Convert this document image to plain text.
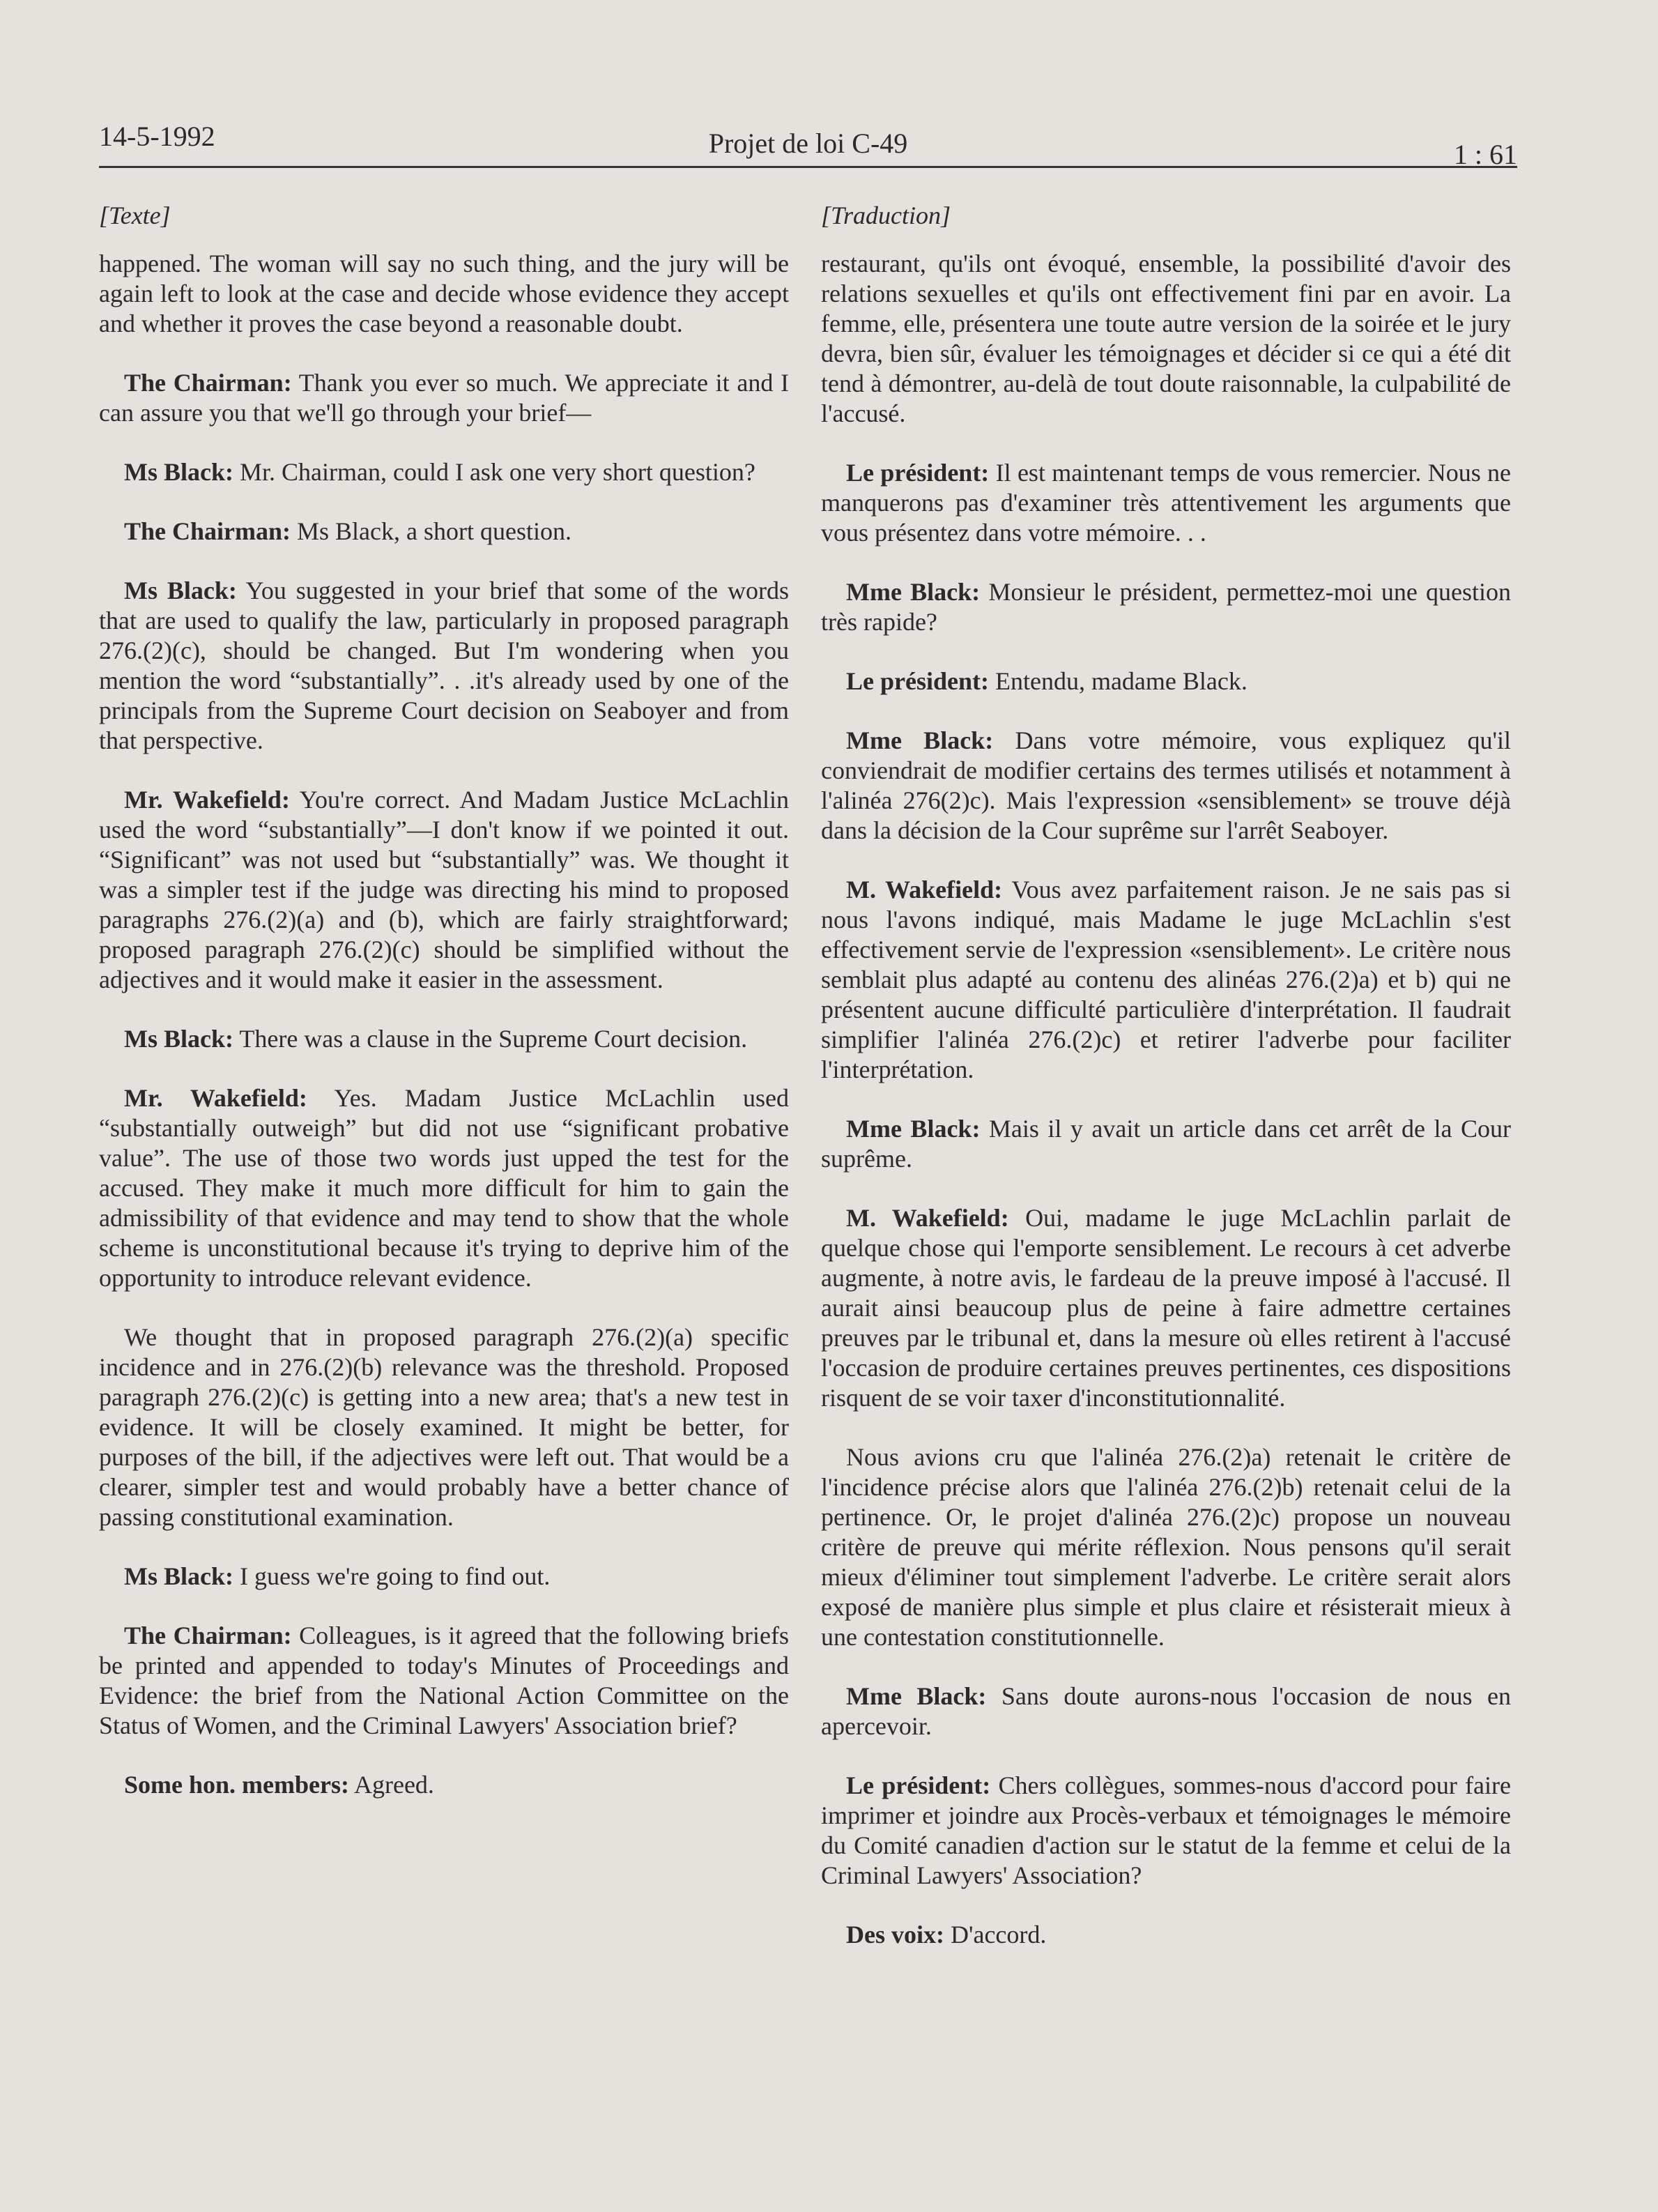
14-5-1992	Projet de loi C-49	1 : 61
[Texte]
happened. The woman will say no such thing, and the jury will be again left to look at the case and decide whose evidence they accept and whether it proves the case beyond a reasonable doubt.
The Chairman: Thank you ever so much. We appreciate it and I can assure you that we'll go through your brief—
Ms Black: Mr. Chairman, could I ask one very short question?
The Chairman: Ms Black, a short question.
Ms Black: You suggested in your brief that some of the words that are used to qualify the law, particularly in proposed paragraph 276.(2)(c), should be changed. But I'm wondering when you mention the word “substantially”. . .it's already used by one of the principals from the Supreme Court decision on Seaboyer and from that perspective.
Mr. Wakefield: You're correct. And Madam Justice McLachlin used the word “substantially”—I don't know if we pointed it out. “Significant” was not used but “substantially” was. We thought it was a simpler test if the judge was directing his mind to proposed paragraphs 276.(2)(a) and (b), which are fairly straightforward; proposed paragraph 276.(2)(c) should be simplified without the adjectives and it would make it easier in the assessment.
Ms Black: There was a clause in the Supreme Court decision.
Mr. Wakefield: Yes. Madam Justice McLachlin used “substantially outweigh” but did not use “significant probative value”. The use of those two words just upped the test for the accused. They make it much more difficult for him to gain the admissibility of that evidence and may tend to show that the whole scheme is unconstitutional because it's trying to deprive him of the opportunity to introduce relevant evidence.
We thought that in proposed paragraph 276.(2)(a) specific incidence and in 276.(2)(b) relevance was the threshold. Proposed paragraph 276.(2)(c) is getting into a new area; that's a new test in evidence. It will be closely examined. It might be better, for purposes of the bill, if the adjectives were left out. That would be a clearer, simpler test and would probably have a better chance of passing constitutional examination.
Ms Black: I guess we're going to find out.
The Chairman: Colleagues, is it agreed that the following briefs be printed and appended to today's Minutes of Proceedings and Evidence: the brief from the National Action Committee on the Status of Women, and the Criminal Lawyers' Association brief?
Some hon. members: Agreed.
[Traduction]
restaurant, qu'ils ont évoqué, ensemble, la possibilité d'avoir des relations sexuelles et qu'ils ont effectivement fini par en avoir. La femme, elle, présentera une toute autre version de la soirée et le jury devra, bien sûr, évaluer les témoignages et décider si ce qui a été dit tend à démontrer, au-delà de tout doute raisonnable, la culpabilité de l'accusé.
Le président: Il est maintenant temps de vous remercier. Nous ne manquerons pas d'examiner très attentivement les arguments que vous présentez dans votre mémoire. . .
Mme Black: Monsieur le président, permettez-moi une question très rapide?
Le président: Entendu, madame Black.
Mme Black: Dans votre mémoire, vous expliquez qu'il conviendrait de modifier certains des termes utilisés et notamment à l'alinéa 276(2)c). Mais l'expression «sensiblement» se trouve déjà dans la décision de la Cour suprême sur l'arrêt Seaboyer.
M. Wakefield: Vous avez parfaitement raison. Je ne sais pas si nous l'avons indiqué, mais Madame le juge McLachlin s'est effectivement servie de l'expression «sensiblement». Le critère nous semblait plus adapté au contenu des alinéas 276.(2)a) et b) qui ne présentent aucune difficulté particulière d'interprétation. Il faudrait simplifier l'alinéa 276.(2)c) et retirer l'adverbe pour faciliter l'interprétation.
Mme Black: Mais il y avait un article dans cet arrêt de la Cour suprême.
M. Wakefield: Oui, madame le juge McLachlin parlait de quelque chose qui l'emporte sensiblement. Le recours à cet adverbe augmente, à notre avis, le fardeau de la preuve imposé à l'accusé. Il aurait ainsi beaucoup plus de peine à faire admettre certaines preuves par le tribunal et, dans la mesure où elles retirent à l'accusé l'occasion de produire certaines preuves pertinentes, ces dispositions risquent de se voir taxer d'inconstitutionnalité.
Nous avions cru que l'alinéa 276.(2)a) retenait le critère de l'incidence précise alors que l'alinéa 276.(2)b) retenait celui de la pertinence. Or, le projet d'alinéa 276.(2)c) propose un nouveau critère de preuve qui mérite réflexion. Nous pensons qu'il serait mieux d'éliminer tout simplement l'adverbe. Le critère serait alors exposé de manière plus simple et plus claire et résisterait mieux à une contestation constitutionnelle.
Mme Black: Sans doute aurons-nous l'occasion de nous en apercevoir.
Le président: Chers collègues, sommes-nous d'accord pour faire imprimer et joindre aux Procès-verbaux et témoignages le mémoire du Comité canadien d'action sur le statut de la femme et celui de la Criminal Lawyers' Association?
Des voix: D'accord.
